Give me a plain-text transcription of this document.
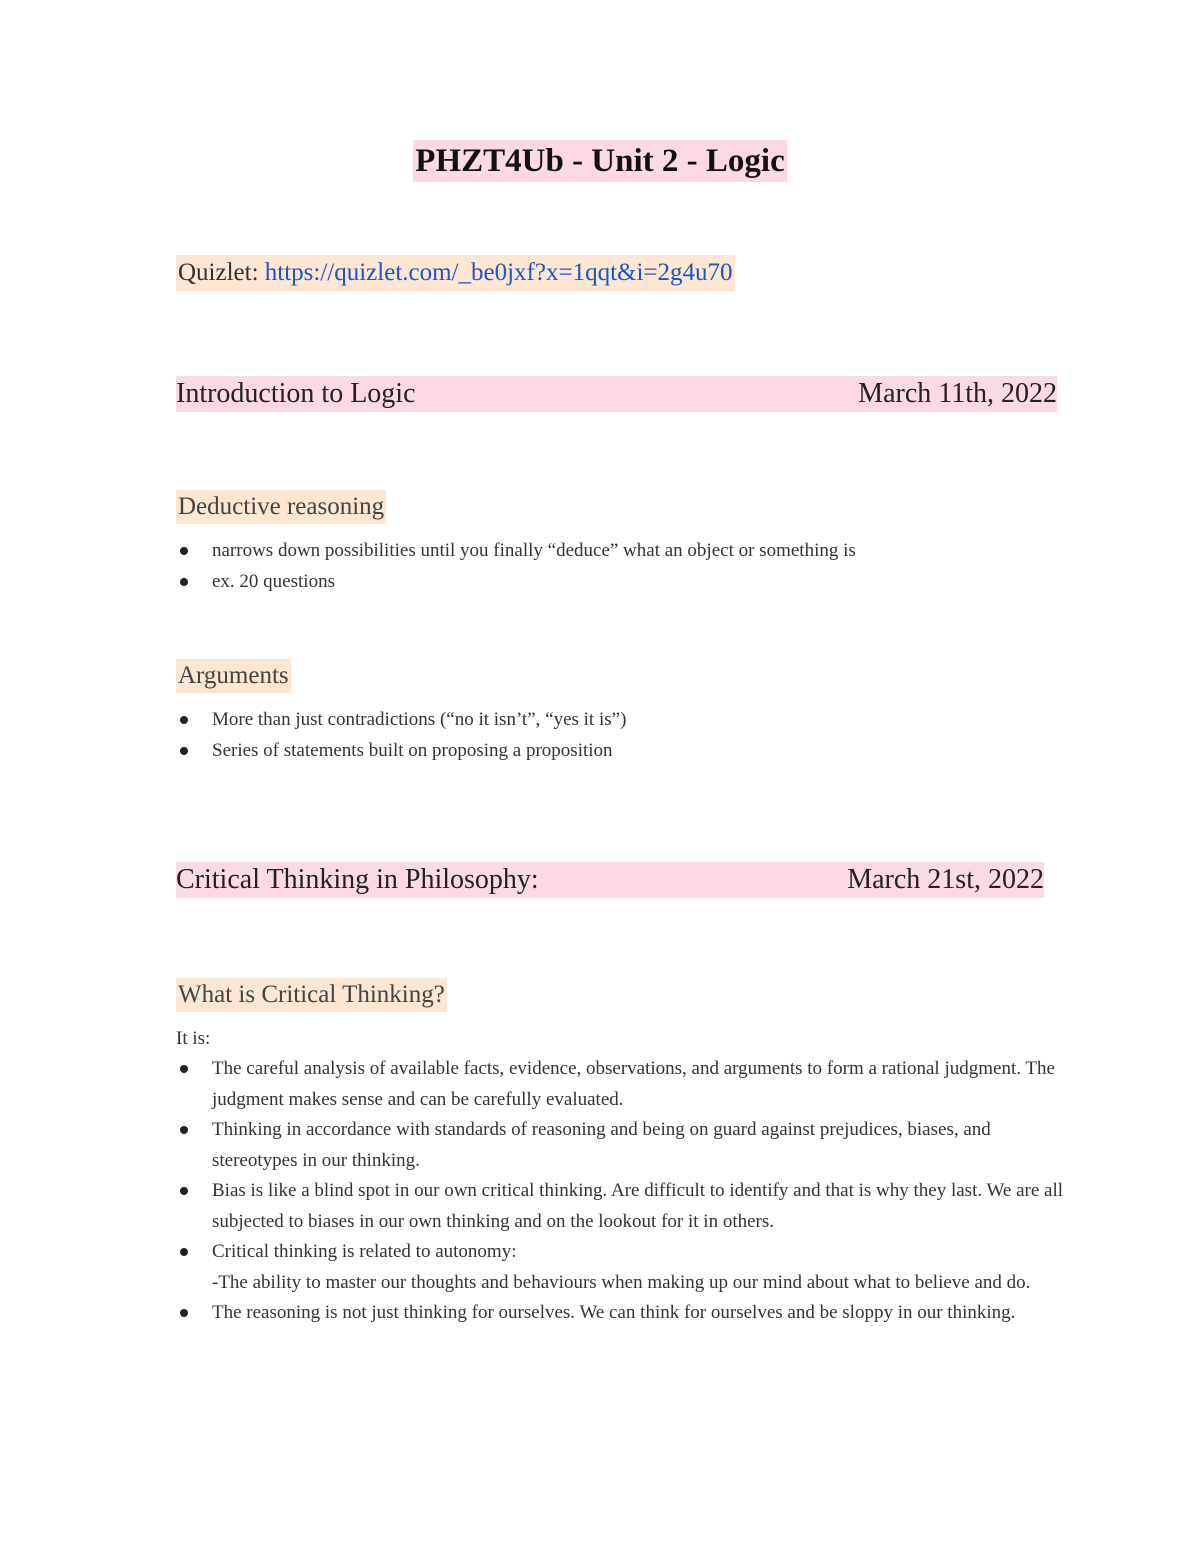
PHZT4Ub - Unit 2 - Logic
Quizlet: https://quizlet.com/_be0jxf?x=1qqt&i=2g4u70
Introduction to Logic	March 11th, 2022
Deductive reasoning
narrows down possibilities until you finally “deduce” what an object or something is
ex. 20 questions
Arguments
More than just contradictions (“no it isn’t”, “yes it is”)
Series of statements built on proposing a proposition
Critical Thinking in Philosophy:	March 21st, 2022
What is Critical Thinking?
It is:
The careful analysis of available facts, evidence, observations, and arguments to form a rational judgment. The judgment makes sense and can be carefully evaluated.
Thinking in accordance with standards of reasoning and being on guard against prejudices, biases, and stereotypes in our thinking.
Bias is like a blind spot in our own critical thinking. Are difficult to identify and that is why they last. We are all subjected to biases in our own thinking and on the lookout for it in others.
Critical thinking is related to autonomy:
-The ability to master our thoughts and behaviours when making up our mind about what to believe and do.
The reasoning is not just thinking for ourselves. We can think for ourselves and be sloppy in our thinking.
